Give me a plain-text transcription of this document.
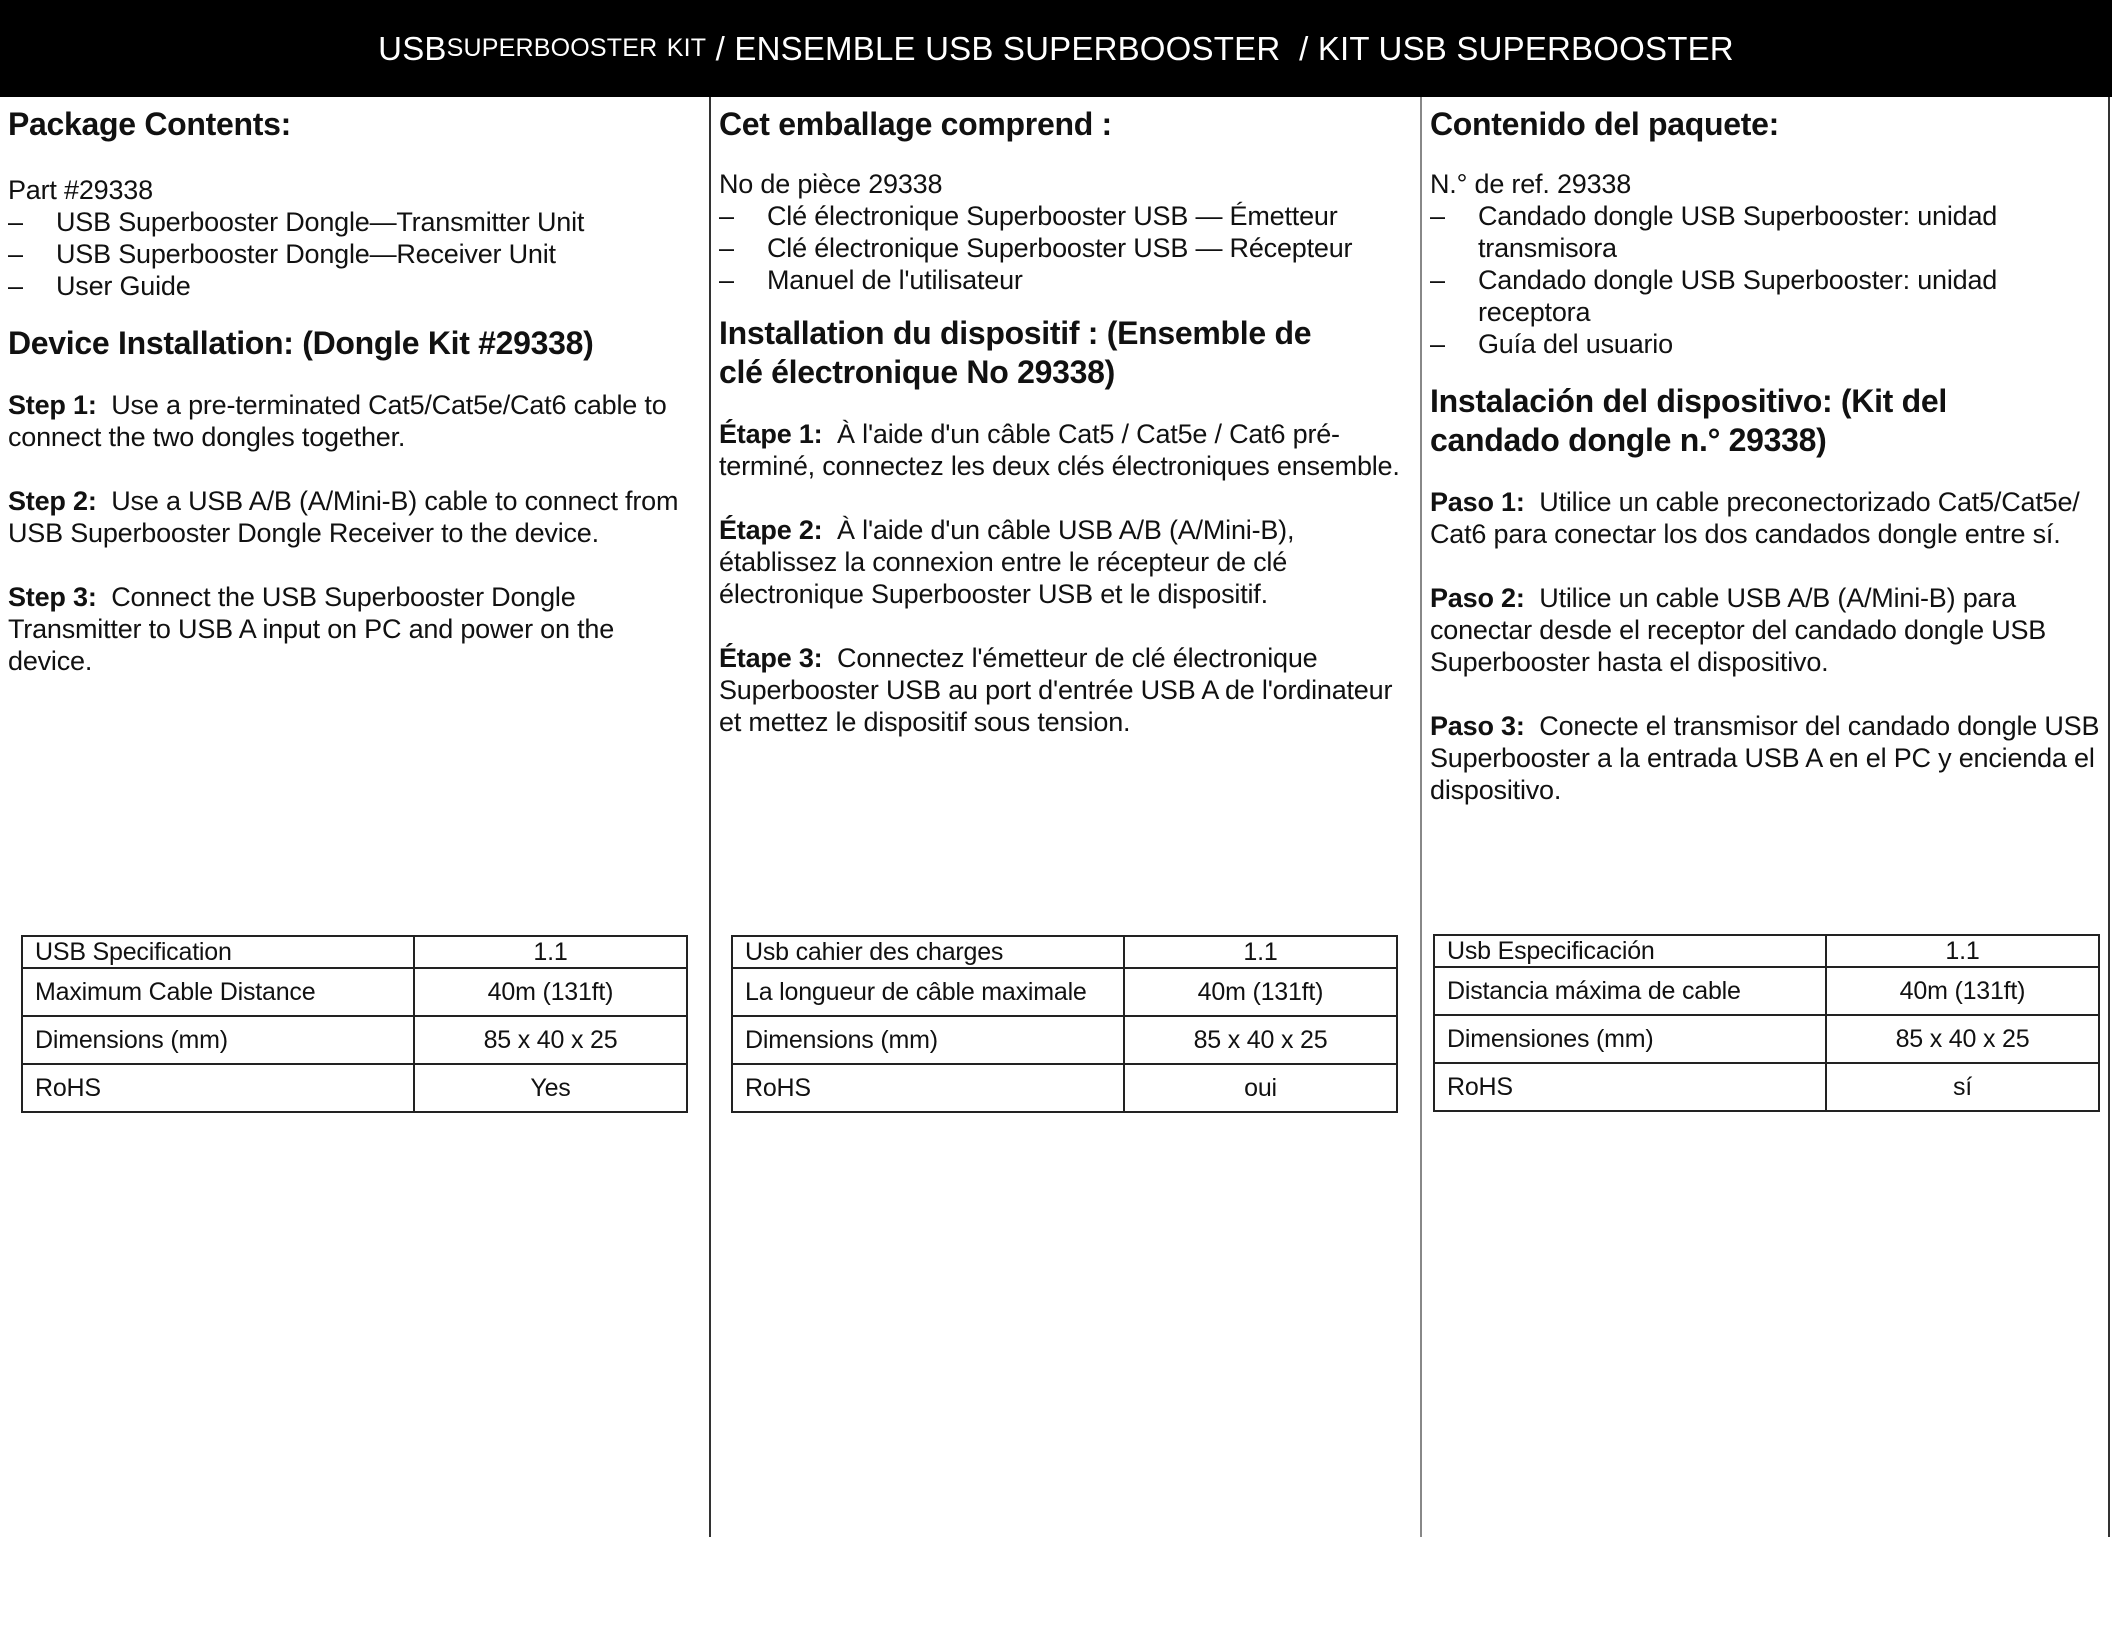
USB SUPERBOOSTER
KIT / ENSEMBLE USB SUPERBOOSTER  / KIT USB SUPERBOOSTER
Package Contents:
Part #29338
–	USB Superbooster Dongle—Transmitter Unit
–	USB Superbooster Dongle—Receiver Unit
–	User Guide
Device Installation: (Dongle Kit #29338)

Step 1: Use a pre-terminated Cat5/Cat5e/Cat6 cable to connect the two dongles together.

Step 2: Use a USB A/B (A/Mini-B) cable to connect from USB Superbooster Dongle Receiver to the device.

Step 3: Connect the USB Superbooster Dongle Transmitter to USB A input on PC and power on the device.

Cet emballage comprend :
No de pièce 29338
–	Clé électronique Superbooster USB — Émetteur
–	Clé électronique Superbooster USB — Récepteur
–	Manuel de l'utilisateur
Installation du dispositif : (Ensemble de clé électronique No 29338)

Étape 1: À l'aide d'un câble Cat5 / Cat5e / Cat6 pré-terminé, connectez les deux clés électroniques ensemble.

Étape 2: À l'aide d'un câble USB A/B (A/Mini-B), établissez la connexion entre le récepteur de clé électronique Superbooster USB et le dispositif.

Étape 3: Connectez l'émetteur de clé électronique Superbooster USB au port d'entrée USB A de l'ordinateur et mettez le dispositif sous tension.

Contenido del paquete:
N.° de ref. 29338
–	Candado dongle USB Superbooster: unidad transmisora
–	Candado dongle USB Superbooster: unidad receptora
–	Guía del usuario
Instalación del dispositivo: (Kit del candado dongle n.° 29338)

Paso 1: Utilice un cable preconectorizado Cat5/Cat5e/ Cat6 para conectar los dos candados dongle entre sí.

Paso 2: Utilice un cable USB A/B (A/Mini-B) para conectar desde el receptor del candado dongle USB Superbooster hasta el dispositivo.

Paso 3: Conecte el transmisor del candado dongle USB Superbooster a la entrada USB A en el PC y encienda el dispositivo.

USB Specification	1.1
Maximum Cable Distance	40m (131ft)
Dimensions (mm)	85 x 40 x 25
RoHS	Yes
Usb cahier des charges	1.1
La longueur de câble maximale	40m (131ft)
Dimensions (mm)	85 x 40 x 25
RoHS	oui
Usb Especificación	1.1
Distancia máxima de cable	40m (131ft)
Dimensiones (mm)	85 x 40 x 25
RoHS	sí
